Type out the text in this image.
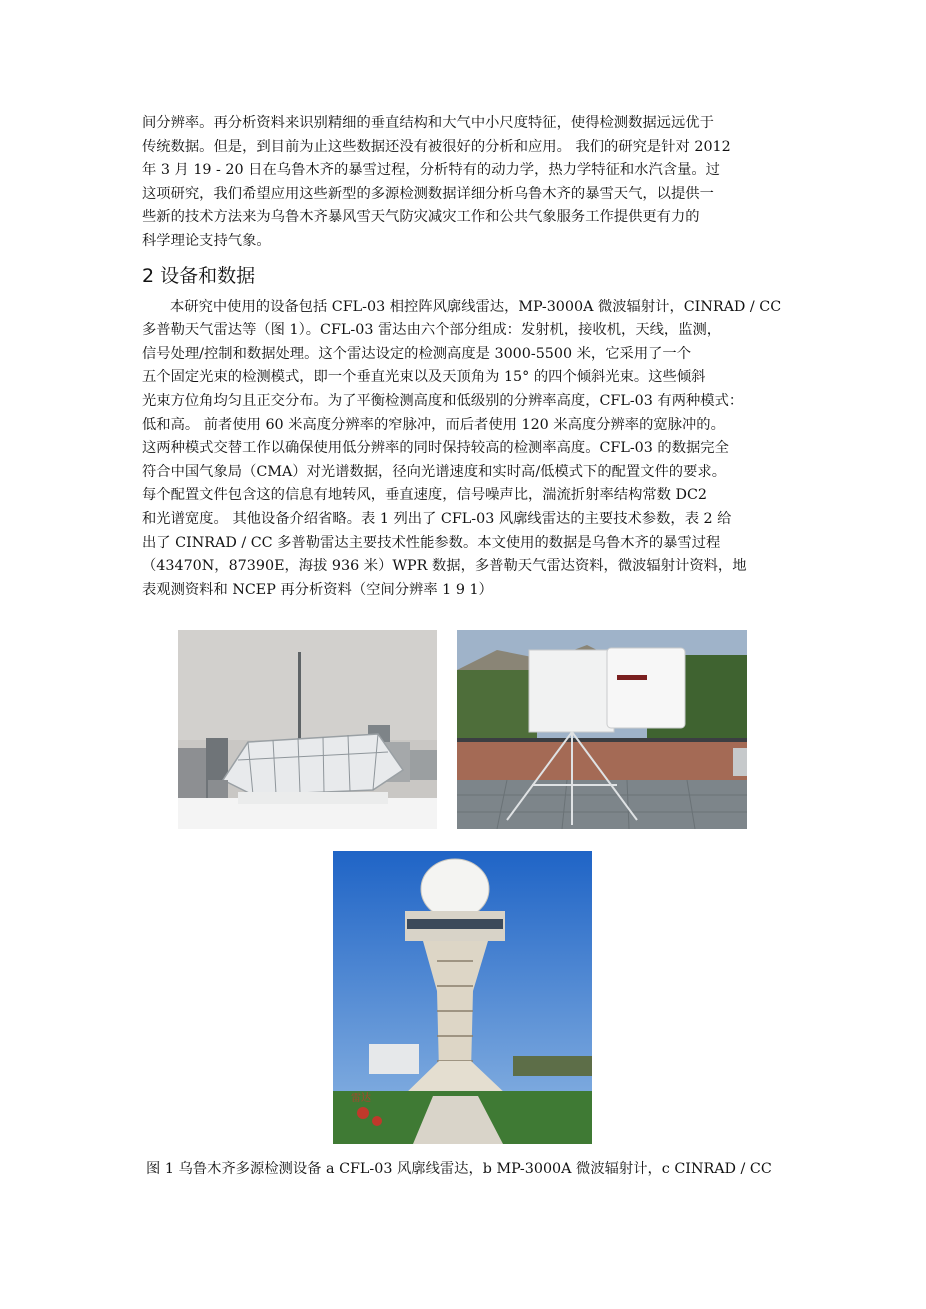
间分辨率。再分析资料来识别精细的垂直结构和大气中小尺度特征，使得检测数据远远优于
传统数据。但是，到目前为止这些数据还没有被很好的分析和应用。 我们的研究是针对 2012
年 3 月 19 - 20 日在乌鲁木齐的暴雪过程，分析特有的动力学，热力学特征和水汽含量。过
这项研究，我们希望应用这些新型的多源检测数据详细分析乌鲁木齐的暴雪天气，以提供一
些新的技术方法来为乌鲁木齐暴风雪天气防灾减灾工作和公共气象服务工作提供更有力的
科学理论支持气象。

2 设备和数据

本研究中使用的设备包括 CFL-03 相控阵风廓线雷达，MP-3000A 微波辐射计，CINRAD / CC
多普勒天气雷达等（图 1）。CFL-03 雷达由六个部分组成：发射机，接收机，天线，监测，
信号处理/控制和数据处理。这个雷达设定的检测高度是 3000-5500 米，它采用了一个
五个固定光束的检测模式，即一个垂直光束以及天顶角为 15° 的四个倾斜光束。这些倾斜
光束方位角均匀且正交分布。为了平衡检测高度和低级别的分辨率高度，CFL-03 有两种模式：
低和高。 前者使用 60 米高度分辨率的窄脉冲，而后者使用 120 米高度分辨率的宽脉冲的。
这两种模式交替工作以确保使用低分辨率的同时保持较高的检测率高度。CFL-03 的数据完全
符合中国气象局（CMA）对光谱数据，径向光谱速度和实时高/低模式下的配置文件的要求。
每个配置文件包含这的信息有地转风，垂直速度，信号噪声比，湍流折射率结构常数 DC2
和光谱宽度。 其他设备介绍省略。表 1 列出了 CFL-03 风廓线雷达的主要技术参数，表 2 给
出了 CINRAD / CC 多普勒雷达主要技术性能参数。本文使用的数据是乌鲁木齐的暴雪过程
（43470N，87390E，海拔 936 米）WPR 数据，多普勒天气雷达资料，微波辐射计资料，地
表观测资料和 NCEP 再分析资料（空间分辨率 1 9 1）

雷达
图 1 乌鲁木齐多源检测设备 a CFL-03 风廓线雷达，b MP-3000A 微波辐射计，c CINRAD / CC
